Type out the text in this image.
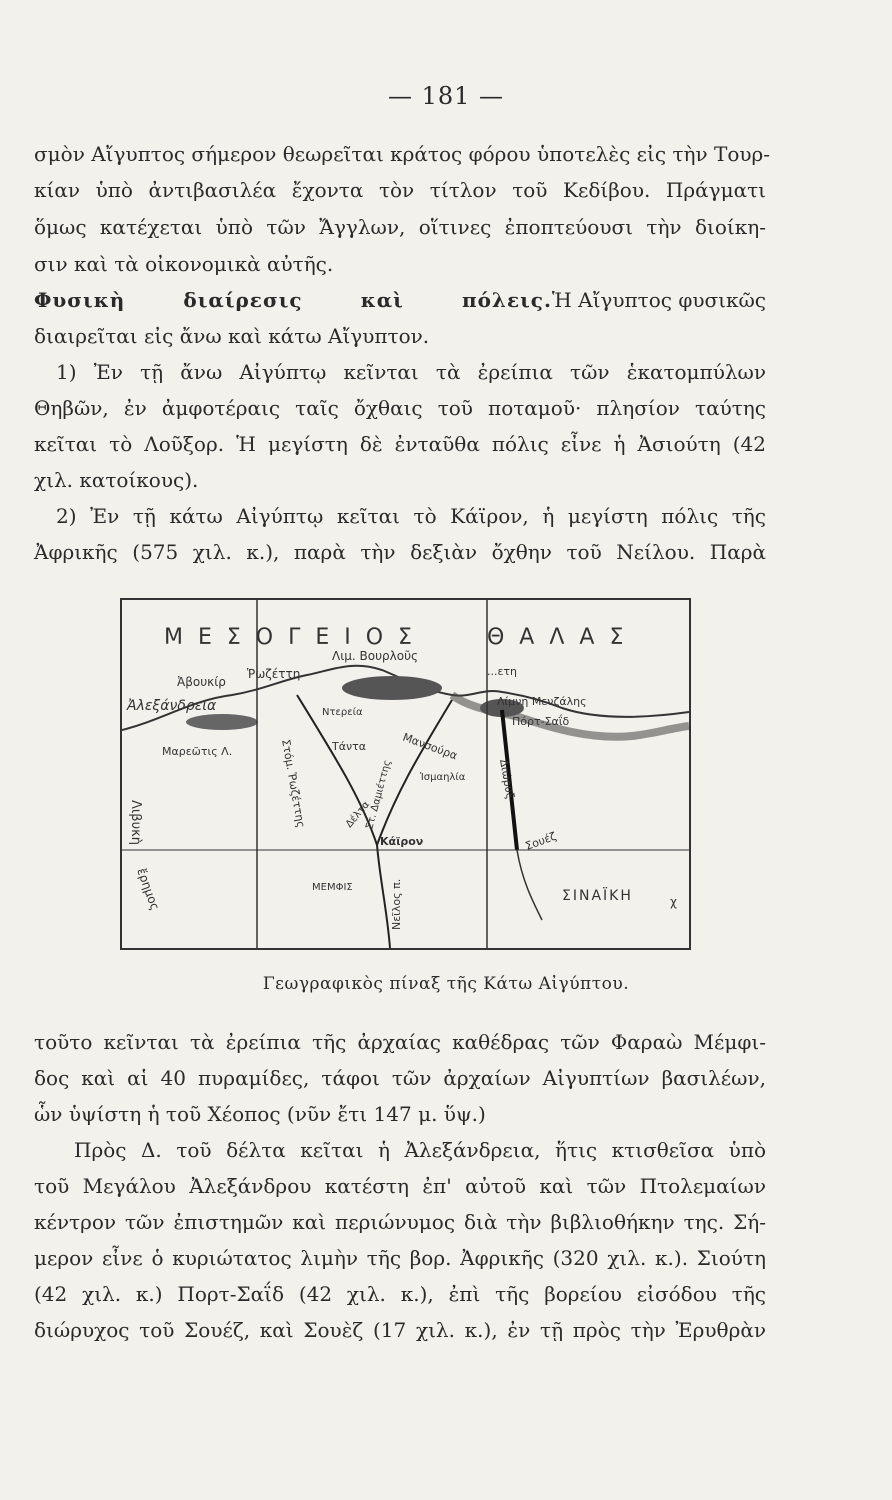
— 181 —
σμὸν Αἴγυπτος σήμερον θεωρεῖται κράτος φόρου ὑποτελὲς εἰς τὴν Τουρ-
κίαν ὑπὸ ἀντιβασιλέα ἔχοντα τὸν τίτλον τοῦ Κεδίβου. Πράγματι
ὅμως κατέχεται ὑπὸ τῶν Ἄγγλων, οἵτινες ἐποπτεύουσι τὴν διοίκη-
σιν καὶ τὰ οἰκονομικὰ αὐτῆς.
Φυσικὴ διαίρεσις καὶ πόλεις. Ἡ Αἴγυπτος φυσικῶς
διαιρεῖται εἰς ἄνω καὶ κάτω Αἴγυπτον.
1) Ἐν τῇ ἄνω Αἰγύπτῳ κεῖνται τὰ ἐρείπια τῶν ἑκατομπύλων
Θηβῶν, ἐν ἀμφοτέραις ταῖς ὄχθαις τοῦ ποταμοῦ· πλησίον ταύτης
κεῖται τὸ Λοῦξορ. Ἡ μεγίστη δὲ ἐνταῦθα πόλις εἶνε ἡ Ἀσιούτη (42
χιλ. κατοίκους).
2) Ἐν τῇ κάτω Αἰγύπτῳ κεῖται τὸ Κάϊρον, ἡ μεγίστη πόλις τῆς
Ἀφρικῆς (575 χιλ. κ.), παρὰ τὴν δεξιὰν ὄχθην τοῦ Νείλου. Παρὰ
Μ Ε Σ Ο Γ Ε Ι Ο Σ	Θ Α Λ Α Σ
Λιμ. Βουρλοῦς
Ῥωζέττη
Ἀβουκίρ
Ἀλεξάνδρεια
...ετη
Λίμνη Μενζάλης
Πόρτ-Σαΐδ
Μαρεῶτις Λ.
Λιβυκὴ
Ντερεία
Στόμ. Ῥωζέττης Τάντα	Μανσούρα
Στ. Δαμιέττης	Ἰσμαηλία	Διώρυξ
Δέλτα
Κάϊρον	Σουέζ
ἔρημος	ΜΕΜΦΙΣ	Νεῖλος π.	ΣΙΝΑΪΚΗ	χ
Γεωγραφικὸς πίναξ τῆς Κάτω Αἰγύπτου.
τοῦτο κεῖνται τὰ ἐρείπια τῆς ἀρχαίας καθέδρας τῶν Φαραὼ Μέμφι-
δος καὶ αἱ 40 πυραμίδες, τάφοι τῶν ἀρχαίων Αἰγυπτίων βασιλέων,
ὧν ὑψίστη ἡ τοῦ Χέοπος (νῦν ἔτι 147 μ. ὕψ.)
Πρὸς Δ. τοῦ δέλτα κεῖται ἡ Ἀλεξάνδρεια, ἥτις κτισθεῖσα ὑπὸ
τοῦ Μεγάλου Ἀλεξάνδρου κατέστη ἐπ' αὐτοῦ καὶ τῶν Πτολεμαίων
κέντρον τῶν ἐπιστημῶν καὶ περιώνυμος διὰ τὴν βιβλιοθήκην της. Σή-
μερον εἶνε ὁ κυριώτατος λιμὴν τῆς βορ. Ἀφρικῆς (320 χιλ. κ.). Σιούτη
(42 χιλ. κ.) Πορτ-Σαΐδ (42 χιλ. κ.), ἐπὶ τῆς βορείου εἰσόδου τῆς
διώρυχος τοῦ Σουέζ, καὶ Σουὲζ (17 χιλ. κ.), ἐν τῇ πρὸς τὴν Ἐρυθρὰν
